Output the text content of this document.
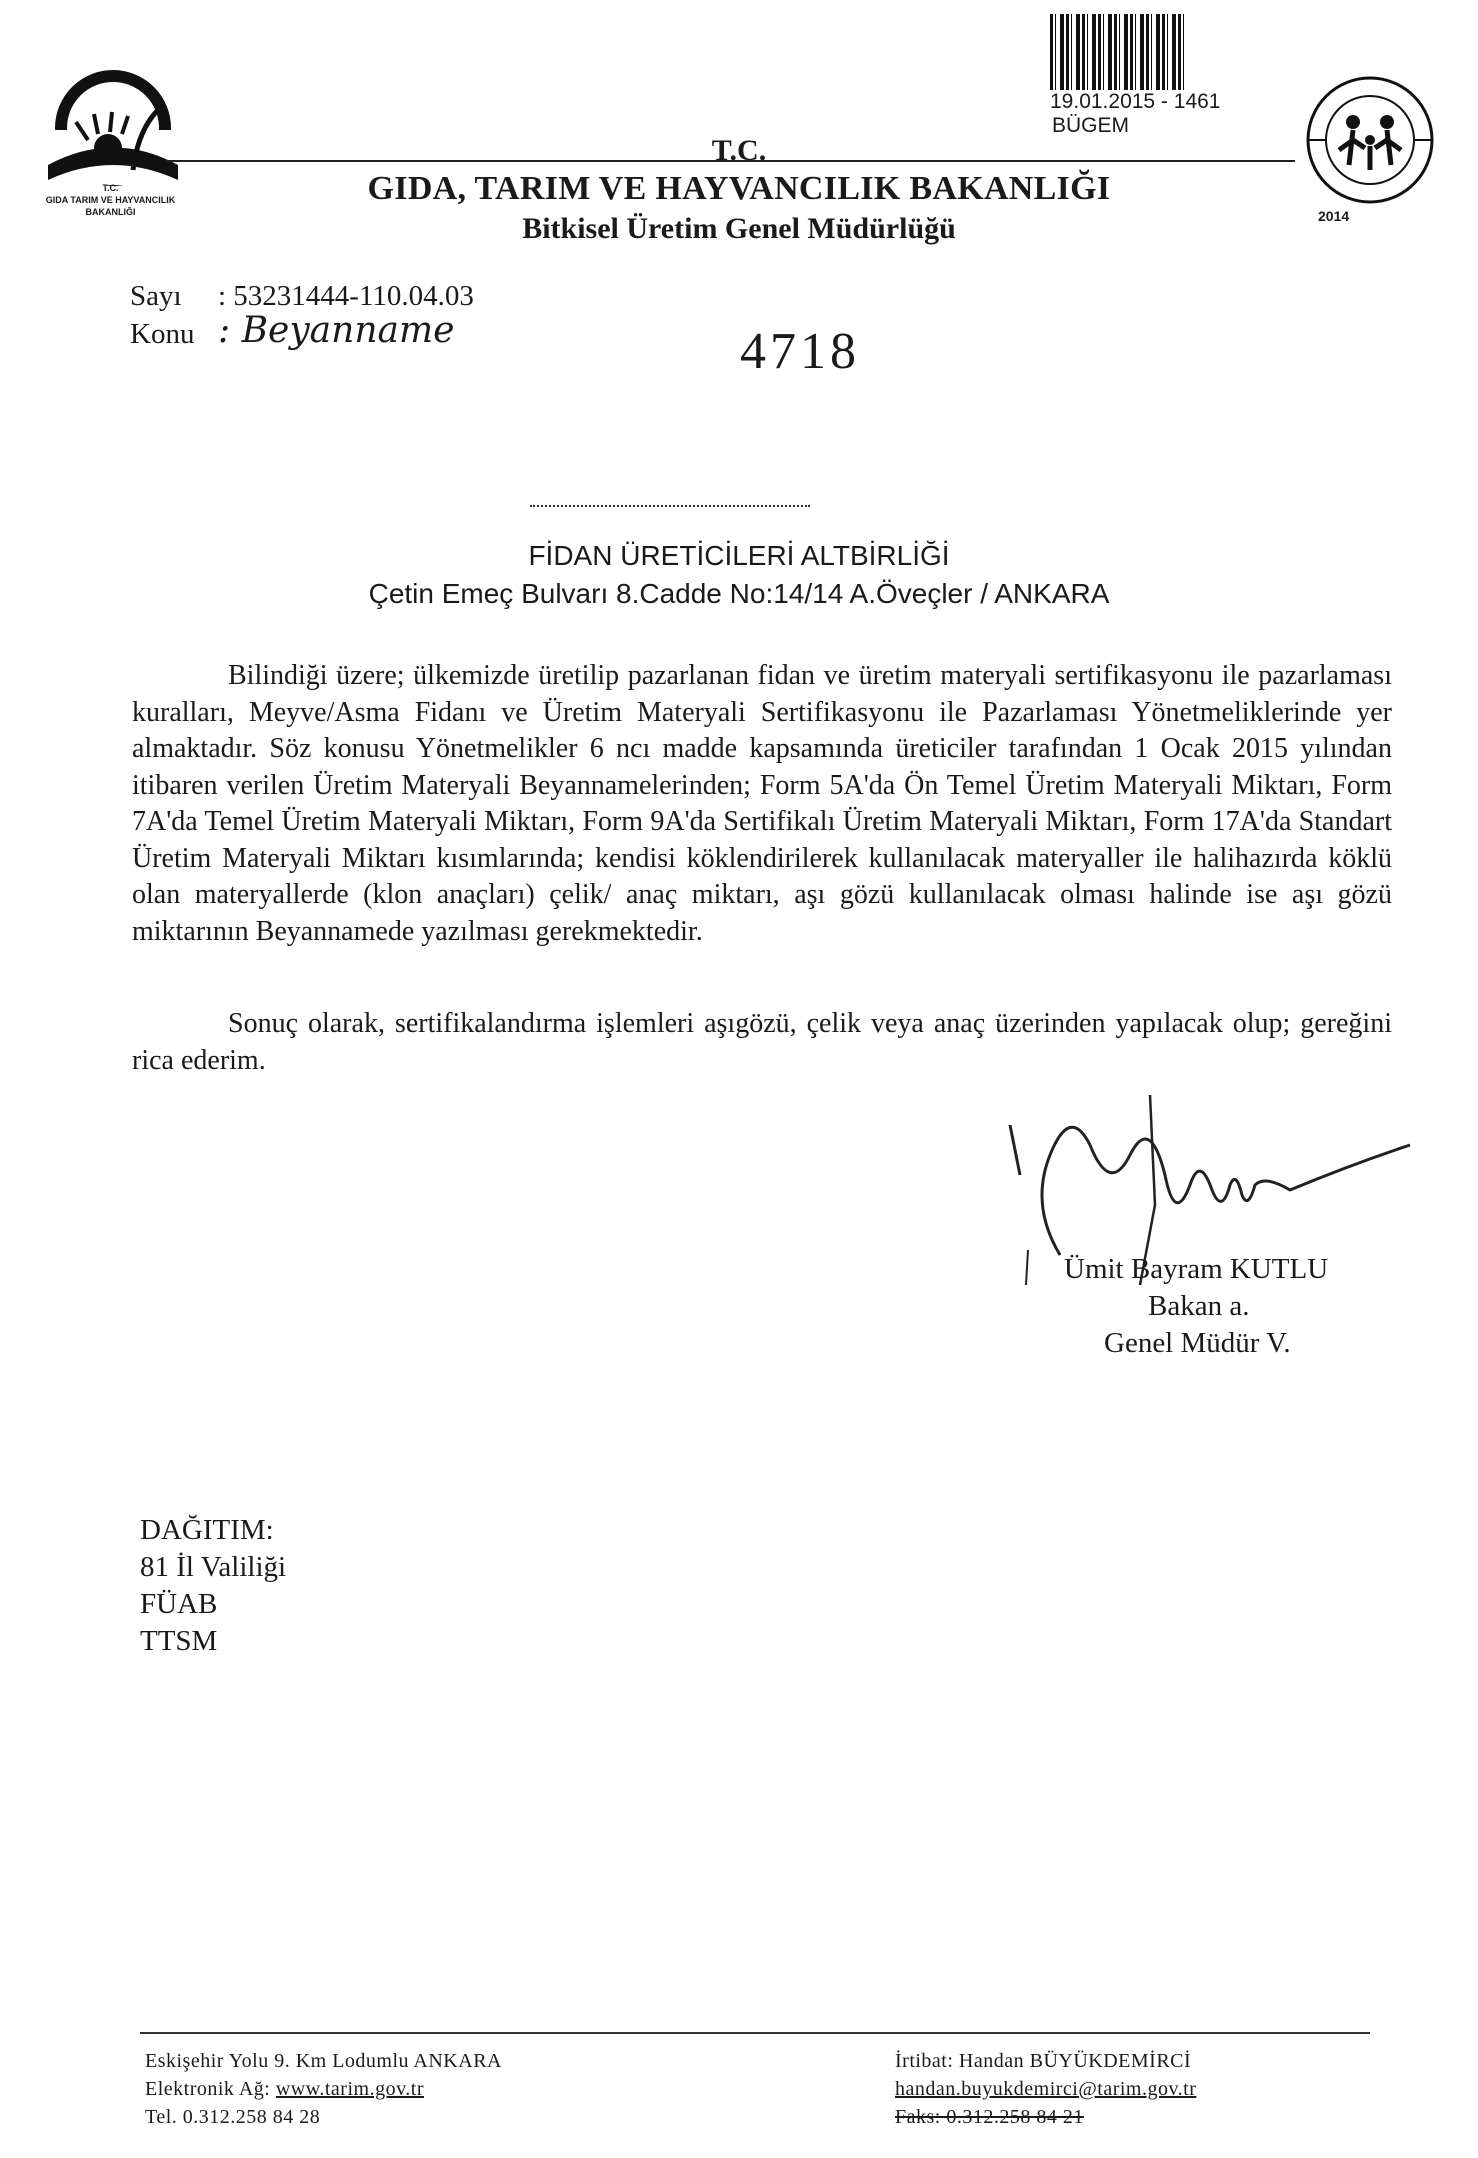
T.C.
GIDA TARIM VE HAYVANCILIK
BAKANLIĞI
19.01.2015 - 1461
BÜGEM
2014
T.C.
GIDA, TARIM VE HAYVANCILIK BAKANLIĞI
Bitkisel Üretim Genel Müdürlüğü
Sayı : 53231444-110.04.03
Konu : Beyanname	4718
FİDAN ÜRETİCİLERİ ALTBİRLİĞİ
Çetin Emeç Bulvarı 8.Cadde No:14/14 A.Öveçler / ANKARA
Bilindiği üzere; ülkemizde üretilip pazarlanan fidan ve üretim materyali sertifikasyonu ile pazarlaması kuralları, Meyve/Asma Fidanı ve Üretim Materyali Sertifikasyonu ile Pazarlaması Yönetmeliklerinde yer almaktadır. Söz konusu Yönetmelikler 6 ncı madde kapsamında üreticiler tarafından 1 Ocak 2015 yılından itibaren verilen Üretim Materyali Beyannamelerinden; Form 5A'da Ön Temel Üretim Materyali Miktarı, Form 7A'da Temel Üretim Materyali Miktarı, Form 9A'da Sertifikalı Üretim Materyali Miktarı, Form 17A'da Standart Üretim Materyali Miktarı kısımlarında; kendisi köklendirilerek kullanılacak materyaller ile halihazırda köklü olan materyallerde (klon anaçları) çelik/ anaç miktarı, aşı gözü kullanılacak olması halinde ise aşı gözü miktarının Beyannamede yazılması gerekmektedir.
Sonuç olarak, sertifikalandırma işlemleri aşıgözü, çelik veya anaç üzerinden yapılacak olup; gereğini rica ederim.
Ümit Bayram KUTLU
Bakan a.
Genel Müdür V.
DAĞITIM:
81 İl Valiliği
FÜAB
TTSM
Eskişehir Yolu 9. Km Lodumlu ANKARA
Elektronik Ağ: www.tarim.gov.tr
Tel. 0.312.258 84 28
İrtibat: Handan BÜYÜKDEMİRCİ
handan.buyukdemirci@tarim.gov.tr
Faks: 0.312.258 84 21
